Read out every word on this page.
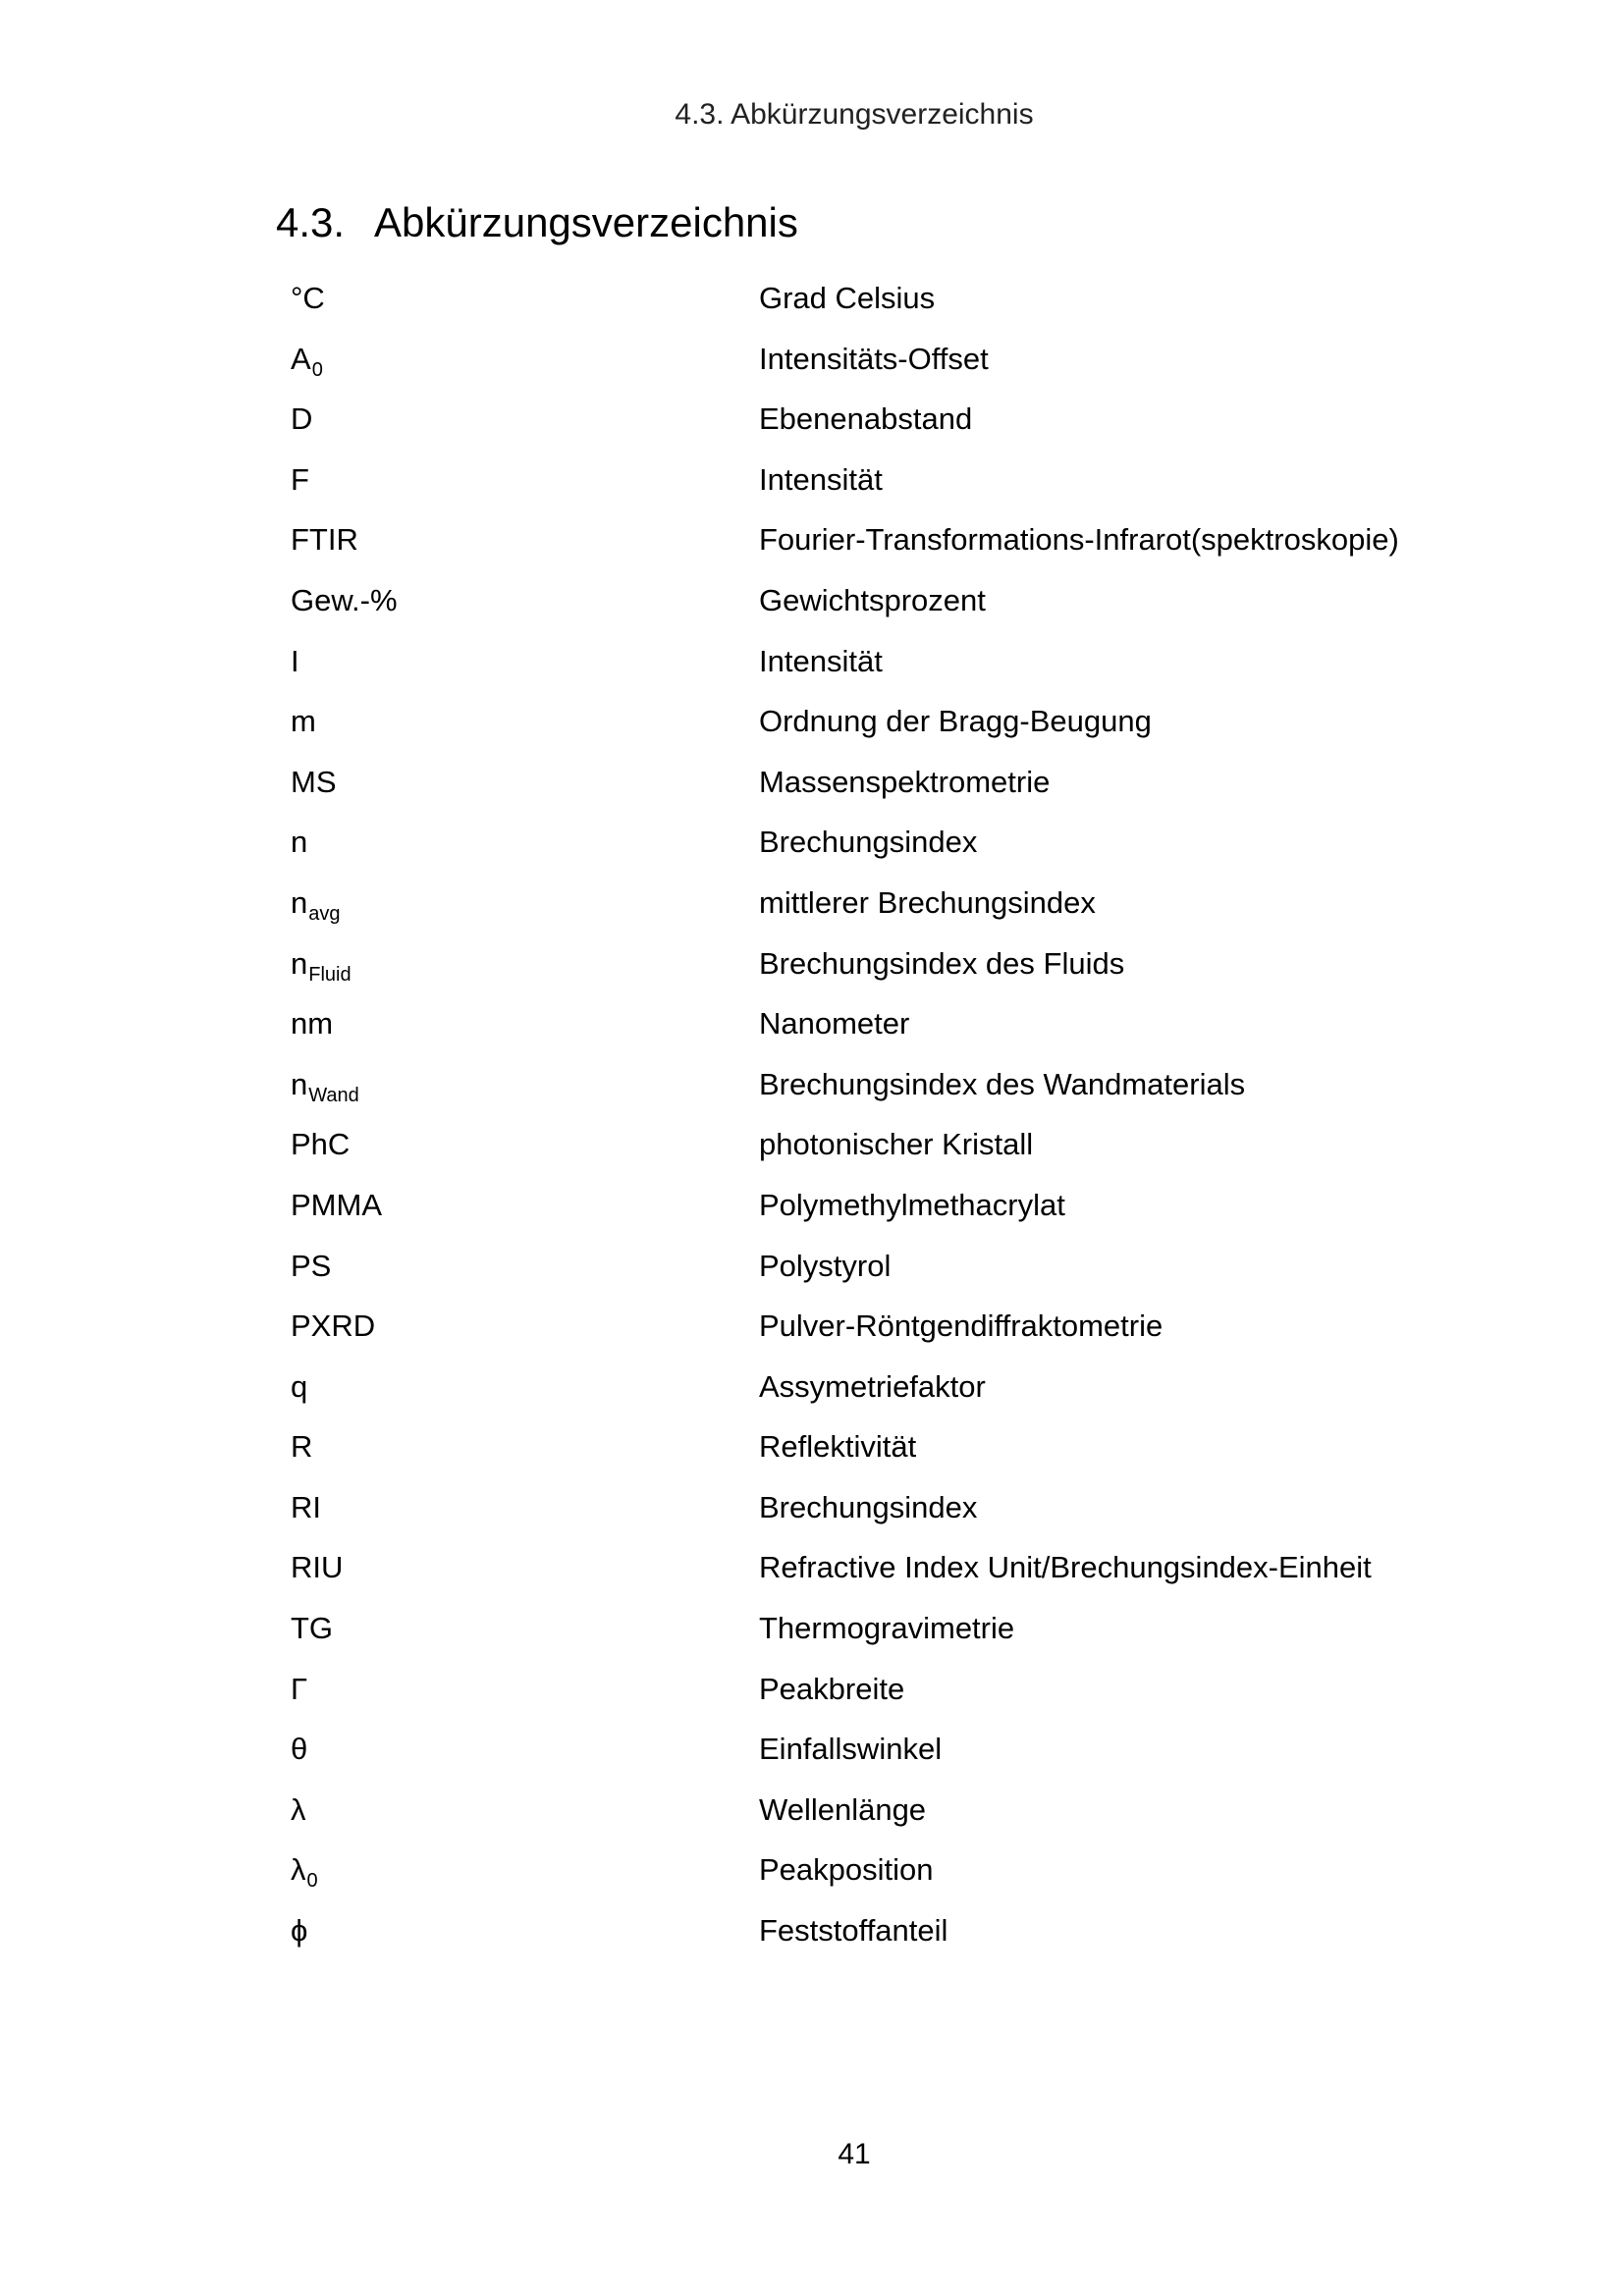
4.3. Abkürzungsverzeichnis
4.3. Abkürzungsverzeichnis
°C	Grad Celsius
$A_0$	Intensitäts-Offset
D	Ebenenabstand
F	Intensität
FTIR	Fourier-Transformations-Infrarot(spektroskopie)
Gew.-%	Gewichtsprozent
I	Intensität
m	Ordnung der Bragg-Beugung
MS	Massenspektrometrie
n	Brechungsindex
$n_{avg}$	mittlerer Brechungsindex
$n_{Fluid}$	Brechungsindex des Fluids
nm	Nanometer
$n_{Wand}$	Brechungsindex des Wandmaterials
PhC	photonischer Kristall
PMMA	Polymethylmethacrylat
PS	Polystyrol
PXRD	Pulver-Röntgendiffraktometrie
q	Assymetriefaktor
R	Reflektivität
RI	Brechungsindex
RIU	Refractive Index Unit/Brechungsindex-Einheit
TG	Thermogravimetrie
Γ	Peakbreite
θ	Einfallswinkel
λ	Wellenlänge
$\lambda_0$	Peakposition
ϕ	Feststoffanteil
41
